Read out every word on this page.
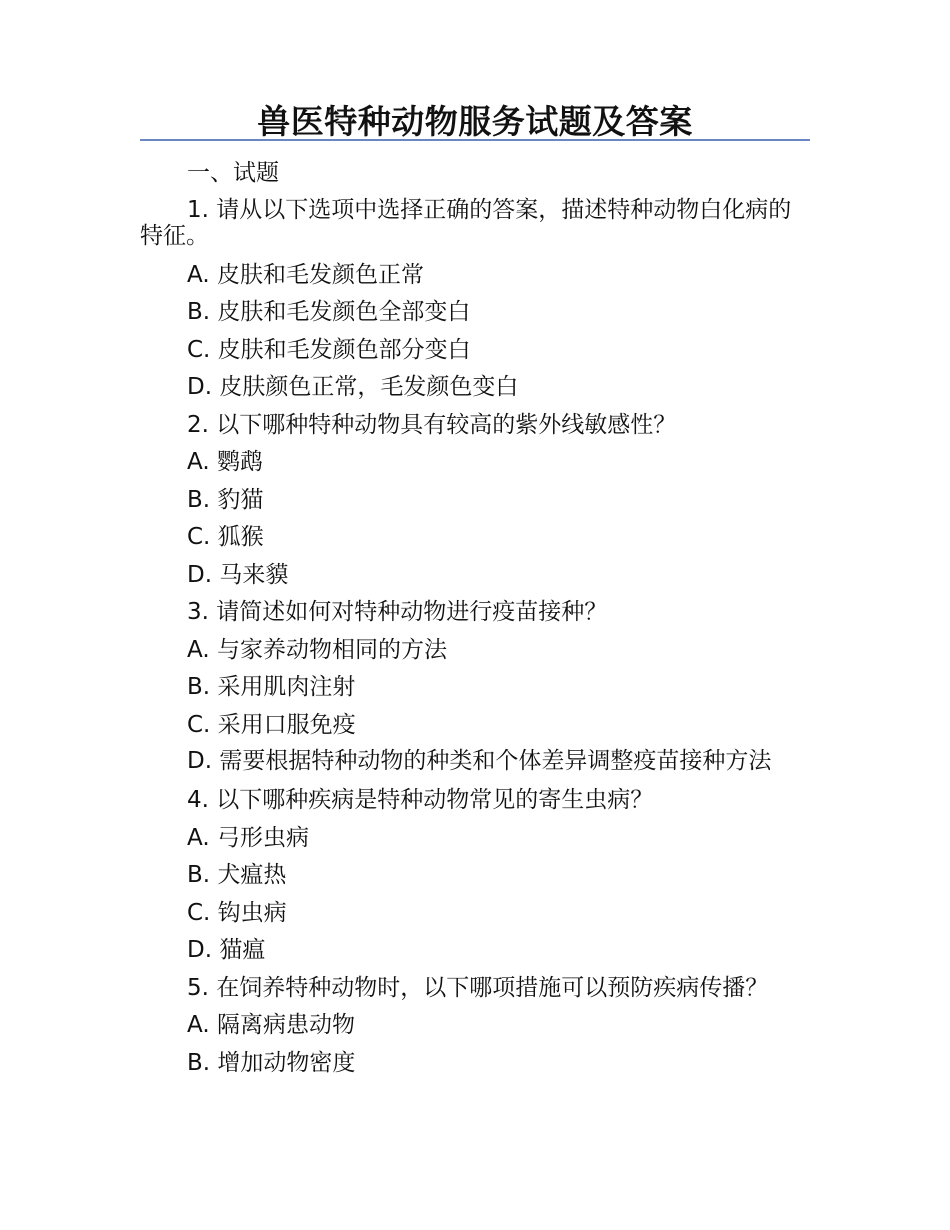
兽医特种动物服务试题及答案
一、试题
1. 请从以下选项中选择正确的答案，描述特种动物白化病的特征。
A. 皮肤和毛发颜色正常
B. 皮肤和毛发颜色全部变白
C. 皮肤和毛发颜色部分变白
D. 皮肤颜色正常，毛发颜色变白
2. 以下哪种特种动物具有较高的紫外线敏感性？
A. 鹦鹉
B. 豹猫
C. 狐猴
D. 马来貘
3. 请简述如何对特种动物进行疫苗接种？
A. 与家养动物相同的方法
B. 采用肌肉注射
C. 采用口服免疫
D. 需要根据特种动物的种类和个体差异调整疫苗接种方法
4. 以下哪种疾病是特种动物常见的寄生虫病？
A. 弓形虫病
B. 犬瘟热
C. 钩虫病
D. 猫瘟
5. 在饲养特种动物时，以下哪项措施可以预防疾病传播？
A. 隔离病患动物
B. 增加动物密度
